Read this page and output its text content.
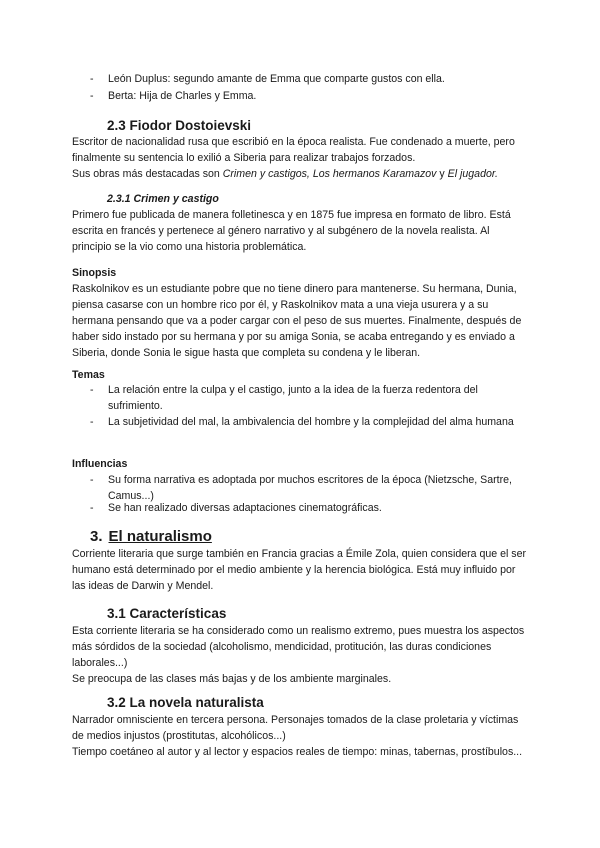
- León Duplus: segundo amante de Emma que comparte gustos con ella.
- Berta: Hija de Charles y Emma.
2.3 Fiodor Dostoievski

Escritor de nacionalidad rusa que escribió en la época realista. Fue condenado a muerte, pero finalmente su sentencia lo exilió a Siberia para realizar trabajos forzados.

Sus obras más destacadas son Crimen y castigos, Los hermanos Karamazov y El jugador.

2.3.1 Crimen y castigo
Primero fue publicada de manera folletinesca y en 1875 fue impresa en formato de libro. Está escrita en francés y pertenece al género narrativo y al subgénero de la novela realista. Al principio se la vio como una historia problemática.
Sinopsis
Raskolnikov es un estudiante pobre que no tiene dinero para mantenerse. Su hermana, Dunia, piensa casarse con un hombre rico por él, y Raskolnikov mata a una vieja usurera y a su hermana pensando que va a poder cargar con el peso de sus muertes. Finalmente, después de haber sido instado por su hermana y por su amiga Sonia, se acaba entregando y es enviado a Siberia, donde Sonia le sigue hasta que completa su condena y le liberan.
Temas
- La relación entre la culpa y el castigo, junto a la idea de la fuerza redentora del sufrimiento.
- La subjetividad del mal, la ambivalencia del hombre y la complejidad del alma humana
Influencias
- Su forma narrativa es adoptada por muchos escritores de la época (Nietzsche, Sartre, Camus...)
- Se han realizado diversas adaptaciones cinematográficas.
3. El naturalismo
Corriente literaria que surge también en Francia gracias a Émile Zola, quien considera que el ser humano está determinado por el medio ambiente y la herencia biológica. Está muy influido por las ideas de Darwin y Mendel.
3.1 Características

Esta corriente literaria se ha considerado como un realismo extremo, pues muestra los aspectos más sórdidos de la sociedad (alcoholismo, mendicidad, protitución, las duras condiciones laborales...)

Se preocupa de las clases más bajas y de los ambiente marginales.

3.2 La novela naturalista

Narrador omnisciente en tercera persona. Personajes tomados de la clase proletaria y víctimas de medios injustos (prostitutas, alcohólicos...)

Tiempo coetáneo al autor y al lector y espacios reales de tiempo: minas, tabernas, prostíbulos...
